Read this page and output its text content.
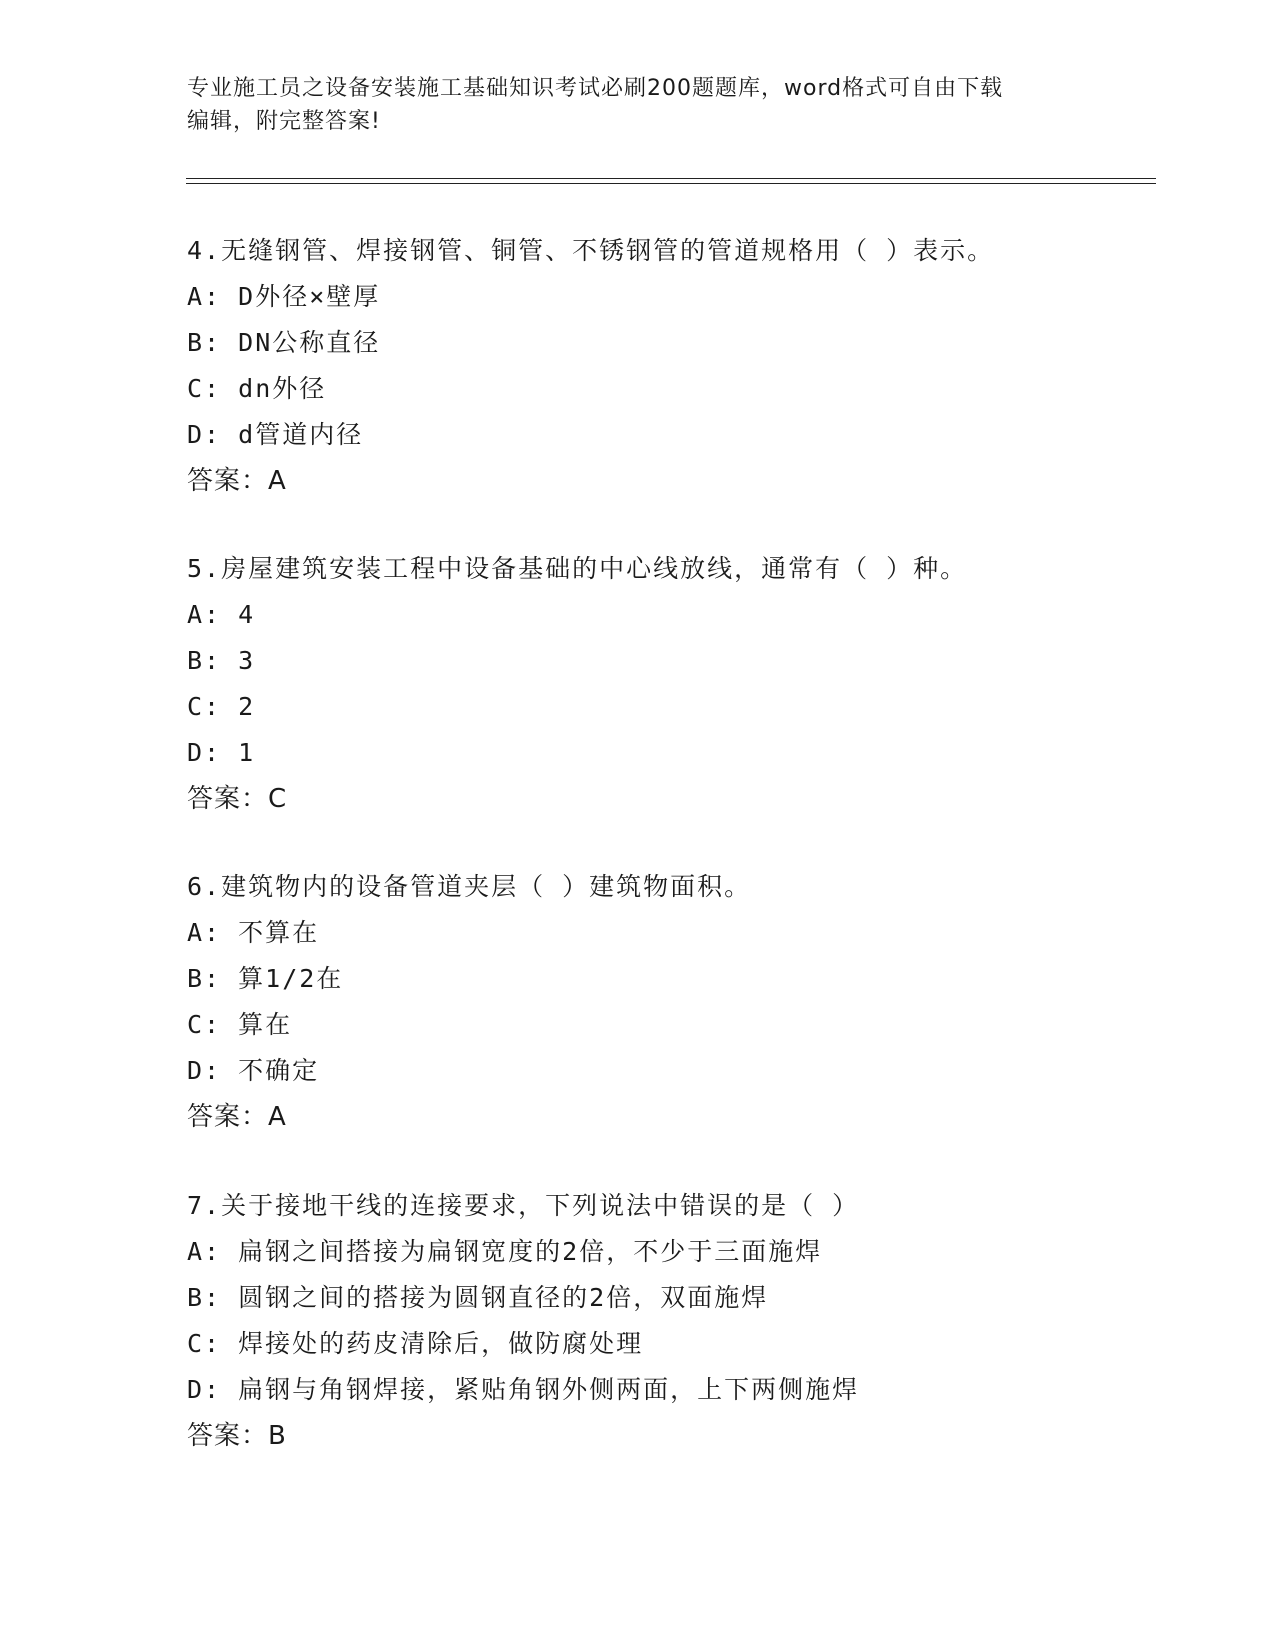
专业施工员之设备安装施工基础知识考试必刷200题题库，word格式可自由下载
编辑，附完整答案!
4.无缝钢管、焊接钢管、铜管、不锈钢管的管道规格用（ ）表示。
A: D外径×壁厚
B: DN公称直径
C: dn外径
D: d管道内径
答案：A
5.房屋建筑安装工程中设备基础的中心线放线，通常有（ ）种。
A: 4
B: 3
C: 2
D: 1
答案：C
6.建筑物内的设备管道夹层（ ）建筑物面积。
A: 不算在
B: 算1/2在
C: 算在
D: 不确定
答案：A
7.关于接地干线的连接要求，下列说法中错误的是（ ）
A: 扁钢之间搭接为扁钢宽度的2倍，不少于三面施焊
B: 圆钢之间的搭接为圆钢直径的2倍，双面施焊
C: 焊接处的药皮清除后，做防腐处理
D: 扁钢与角钢焊接，紧贴角钢外侧两面，上下两侧施焊
答案：B
